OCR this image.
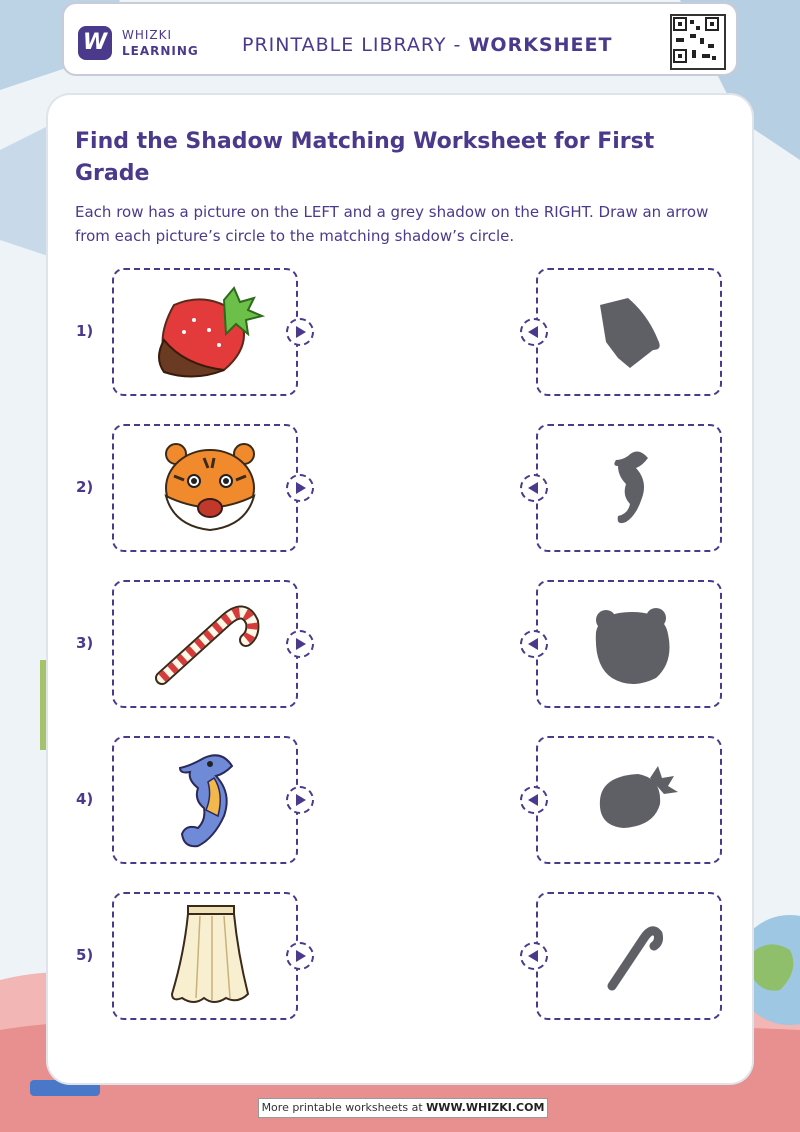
W	WHIZKI
LEARNING PRINTABLE LIBRARY - WORKSHEET
Find the Shadow Matching Worksheet for First Grade
Each row has a picture on the LEFT and a grey shadow on the RIGHT. Draw an arrow from each picture’s circle to the matching shadow’s circle.
1)
2)
3)
4)
5)
More printable worksheets at WWW.WHIZKI.COM
